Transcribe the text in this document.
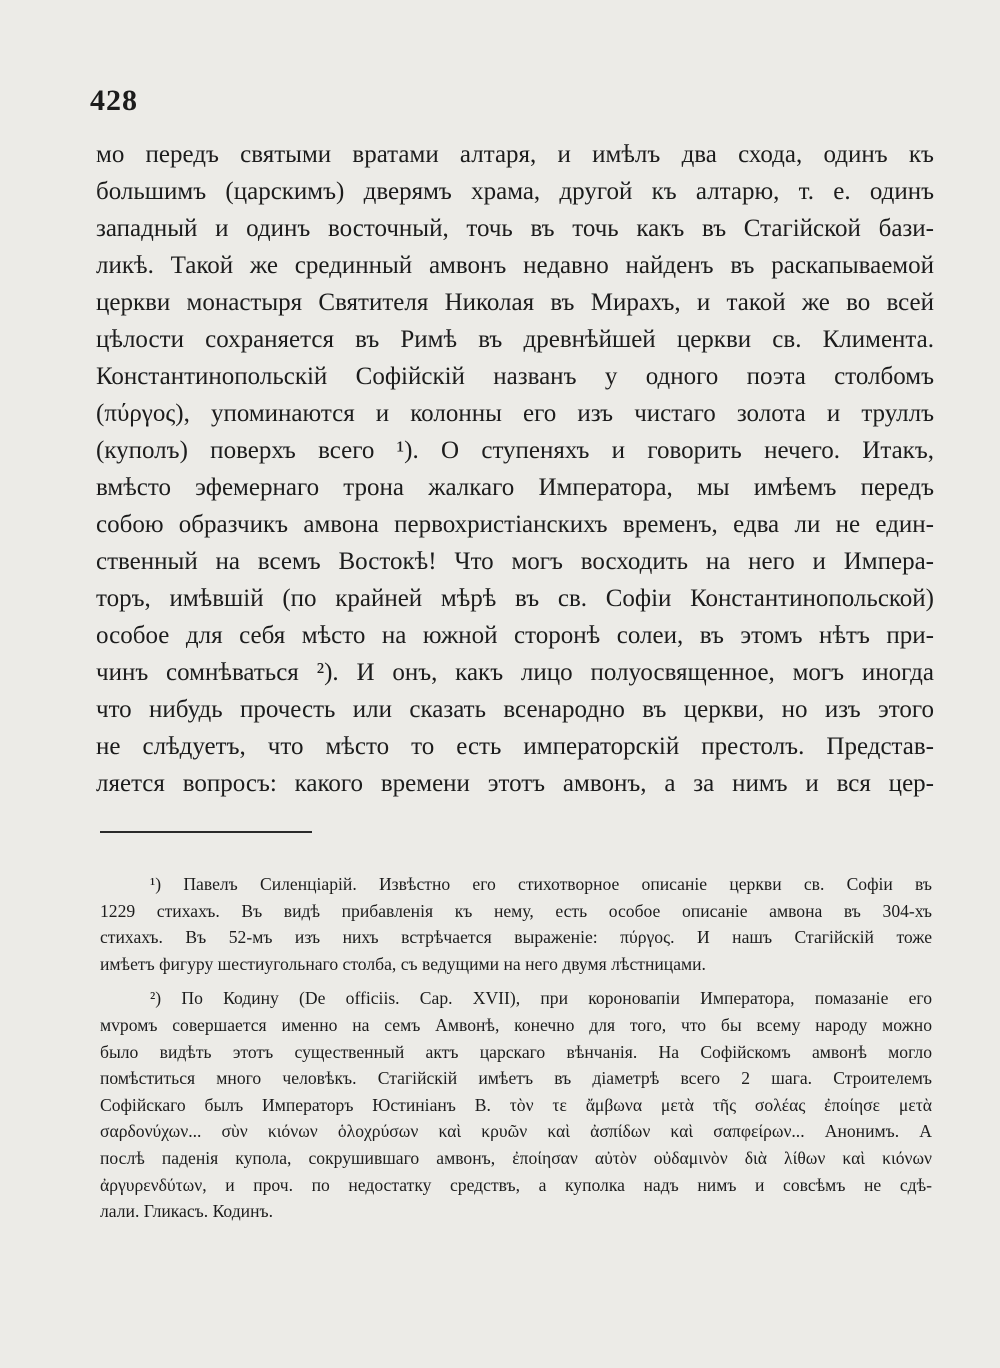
428
мо передъ святыми вратами алтаря, и имѣлъ два схода, одинъ къ
большимъ (царскимъ) дверямъ храма, другой къ алтарю, т. е. одинъ
западный и одинъ восточный, точь въ точь какъ въ Стагійской бази-
ликѣ. Такой же срединный амвонъ недавно найденъ въ раскапываемой
церкви монастыря Святителя Николая въ Мирахъ, и такой же во всей
цѣлости сохраняется въ Римѣ въ древнѣйшей церкви св. Климента.
Константинопольскій Софійскій названъ у одного поэта столбомъ
(πύργος), упоминаются и колонны его изъ чистаго золота и труллъ
(куполъ) поверхъ всего ¹). О ступеняхъ и говорить нечего. Итакъ,
вмѣсто эфемернаго трона жалкаго Императора, мы имѣемъ передъ
собою образчикъ амвона первохристіанскихъ временъ, едва ли не един-
ственный на всемъ Востокѣ! Что могъ восходить на него и Импера-
торъ, имѣвшій (по крайней мѣрѣ въ св. Софіи Константинопольской)
особое для себя мѣсто на южной сторонѣ солеи, въ этомъ нѣтъ при-
чинъ сомнѣваться ²). И онъ, какъ лицо полуосвященное, могъ иногда
что нибудь прочесть или сказать всенародно въ церкви, но изъ этого
не слѣдуетъ, что мѣсто то есть императорскій престолъ. Представ-
ляется вопросъ: какого времени этотъ амвонъ, а за нимъ и вся цер-
¹) Павелъ Силенціарій. Извѣстно его стихотворное описаніе церкви св. Софіи въ
1229 стихахъ. Въ видѣ прибавленія къ нему, есть особое описаніе амвона въ 304-хъ
стихахъ. Въ 52-мъ изъ нихъ встрѣчается выраженіе: πύργος. И нашъ Стагійскій тоже
имѣетъ фигуру шестиугольнаго столба, съ ведущими на него двумя лѣстницами.
²) По Кодину (De officiis. Cap. XVII), при короновапіи Императора, помазаніе его
мvромъ совершается именно на семъ Амвонѣ, конечно для того, что бы всему народу можно
было видѣть этотъ существенный актъ царскаго вѣнчанія. На Софійскомъ амвонѣ могло
помѣститься много человѣкъ. Стагійскій имѣетъ въ діаметрѣ всего 2 шага. Строителемъ
Софійскаго былъ Императоръ Юстиніанъ В. τὸν τε ἄμβωνα μετὰ τῆς σολέας ἐποίησε μετὰ
σαρδονύχων... σὺν κιόνων ὁλοχρύσων καὶ κρυῶν καὶ ἀσπίδων καὶ σαπφείρων... Анонимъ. А
послѣ паденія купола, сокрушившаго амвонъ, ἐποίησαν αὐτὸν οὐδαμινὸν διὰ λίθων καὶ κιόνων
ἀργυρενδύτων, и проч. по недостатку средствъ, а куполка надъ нимъ и совсѣмъ не сдѣ-
лали. Гликасъ. Кодинъ.
